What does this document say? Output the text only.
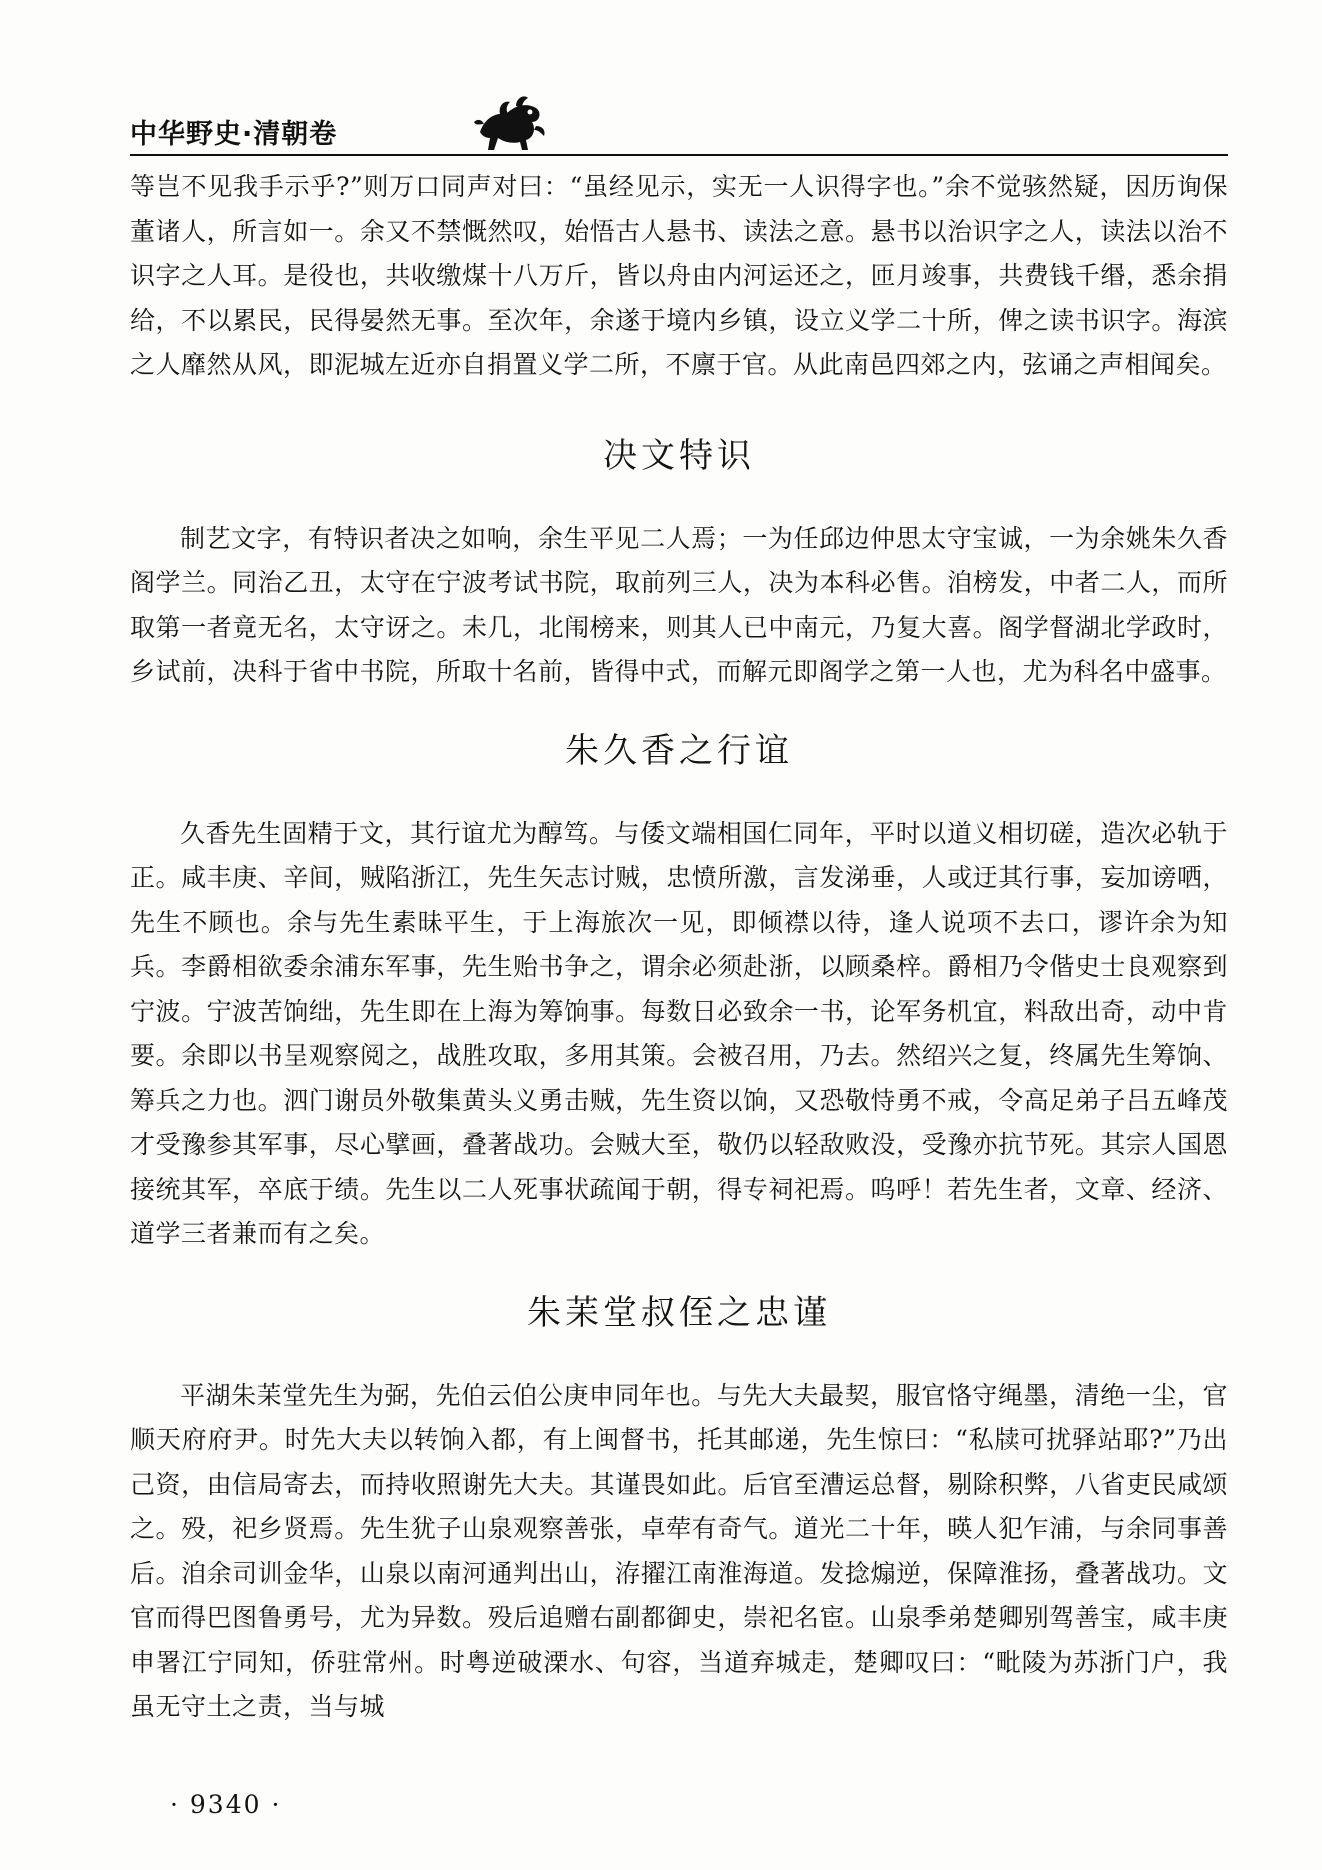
中华野史·清朝卷

等岂不见我手示乎?”则万口同声对曰：“虽经见示，实无一人识得字也。”余不觉骇然疑，因历询保董诸人，所言如一。余又不禁慨然叹，始悟古人悬书、读法之意。悬书以治识字之人，读法以治不识字之人耳。是役也，共收缴煤十八万斤，皆以舟由内河运还之，匝月竣事，共费钱千缗，悉余捐给，不以累民，民得晏然无事。至次年，余遂于境内乡镇，设立义学二十所，俾之读书识字。海滨之人靡然从风，即泥城左近亦自捐置义学二所，不廪于官。从此南邑四郊之内，弦诵之声相闻矣。

决文特识

制艺文字，有特识者决之如响，余生平见二人焉；一为任邱边仲思太守宝诚，一为余姚朱久香阁学兰。同治乙丑，太守在宁波考试书院，取前列三人，决为本科必售。洎榜发，中者二人，而所取第一者竟无名，太守讶之。未几，北闱榜来，则其人已中南元，乃复大喜。阁学督湖北学政时，乡试前，决科于省中书院，所取十名前，皆得中式，而解元即阁学之第一人也，尤为科名中盛事。

朱久香之行谊

久香先生固精于文，其行谊尤为醇笃。与倭文端相国仁同年，平时以道义相切磋，造次必轨于正。咸丰庚、辛间，贼陷浙江，先生矢志讨贼，忠愤所激，言发涕垂，人或迂其行事，妄加谤哂，先生不顾也。余与先生素昧平生，于上海旅次一见，即倾襟以待，逢人说项不去口，谬许余为知兵。李爵相欲委余浦东军事，先生贻书争之，谓余必须赴浙，以顾桑梓。爵相乃令偕史士良观察到宁波。宁波苦饷绌，先生即在上海为筹饷事。每数日必致余一书，论军务机宜，料敌出奇，动中肯要。余即以书呈观察阅之，战胜攻取，多用其策。会被召用，乃去。然绍兴之复，终属先生筹饷、筹兵之力也。泗门谢员外敬集黄头义勇击贼，先生资以饷，又恐敬恃勇不戒，令高足弟子吕五峰茂才受豫参其军事，尽心擘画，叠著战功。会贼大至，敬仍以轻敌败没，受豫亦抗节死。其宗人国恩接统其军，卒底于绩。先生以二人死事状疏闻于朝，得专祠祀焉。呜呼！若先生者，文章、经济、道学三者兼而有之矣。

朱苿堂叔侄之忠谨

平湖朱苿堂先生为弼，先伯云伯公庚申同年也。与先大夫最契，服官恪守绳墨，清绝一尘，官顺天府府尹。时先大夫以转饷入都，有上闽督书，托其邮递，先生惊曰：“私牍可扰驿站耶?”乃出己资，由信局寄去，而持收照谢先大夫。其谨畏如此。后官至漕运总督，剔除积弊，八省吏民咸颂之。殁，祀乡贤焉。先生犹子山泉观察善张，卓荦有奇气。道光二十年，暎人犯乍浦，与余同事善后。洎余司训金华，山泉以南河通判出山，洊擢江南淮海道。发捻煽逆，保障淮扬，叠著战功。文官而得巴图鲁勇号，尤为异数。殁后追赠右副都御史，崇祀名宦。山泉季弟楚卿别驾善宝，咸丰庚申署江宁同知，侨驻常州。时粤逆破溧水、句容，当道弃城走，楚卿叹曰：“毗陵为苏浙门户，我虽无守土之责，当与城

· 9340 ·
